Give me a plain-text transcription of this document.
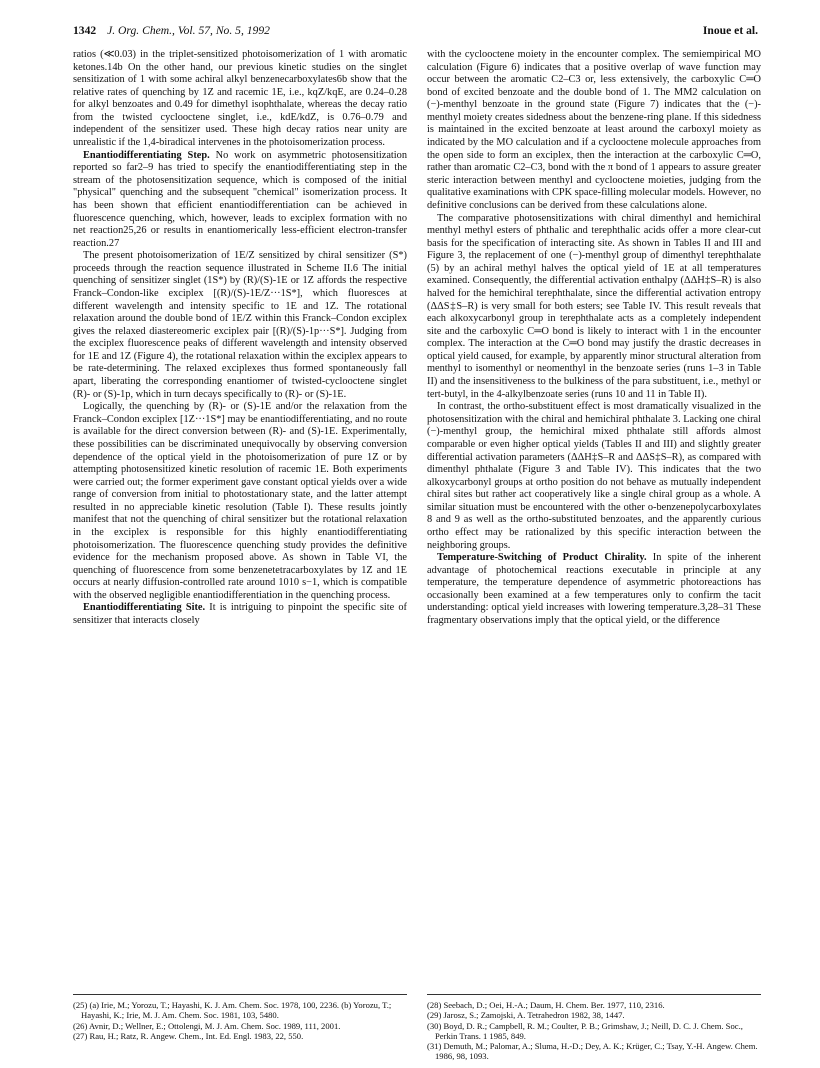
1342 J. Org. Chem., Vol. 57, No. 5, 1992	Inoue et al.

ratios (≪0.03) in the triplet-sensitized photoisomerization of 1 with aromatic ketones.14b On the other hand, our previous kinetic studies on the singlet sensitization of 1 with some achiral alkyl benzenecarboxylates6b show that the relative rates of quenching by 1Z and racemic 1E, i.e., kqZ/kqE, are 0.24–0.28 for alkyl benzoates and 0.49 for dimethyl isophthalate, whereas the decay ratio from the twisted cyclooctene singlet, i.e., kdE/kdZ, is 0.76–0.79 and independent of the sensitizer used. These high decay ratios near unity are unrealistic if the 1,4-biradical intervenes in the photoisomerization process.

Enantiodifferentiating Step. No work on asymmetric photosensitization reported so far2–9 has tried to specify the enantiodifferentiating step in the stream of the photosensitization sequence, which is composed of the initial "physical" quenching and the subsequent "chemical" isomerization process. It has been shown that efficient enantiodifferentiation can be achieved in fluorescence quenching, which, however, leads to exciplex formation with no net reaction25,26 or results in enantiomerically less-efficient electron-transfer reaction.27

The present photoisomerization of 1E/Z sensitized by chiral sensitizer (S*) proceeds through the reaction sequence illustrated in Scheme II.6 The initial quenching of sensitizer singlet (1S*) by (R)/(S)-1E or 1Z affords the respective Franck–Condon-like exciplex [(R)/(S)-1E/Z···1S*], which fluoresces at different wavelength and intensity specific to 1E and 1Z. The rotational relaxation around the double bond of 1E/Z within this Franck–Condon exciplex gives the relaxed diastereomeric exciplex pair [(R)/(S)-1p···S*]. Judging from the exciplex fluorescence peaks of different wavelength and intensity observed for 1E and 1Z (Figure 4), the rotational relaxation within the exciplex appears to be rate-determining. The relaxed exciplexes thus formed spontaneously fall apart, liberating the corresponding enantiomer of twisted-cyclooctene singlet (R)- or (S)-1p, which in turn decays specifically to (R)- or (S)-1E.

Logically, the quenching by (R)- or (S)-1E and/or the relaxation from the Franck–Condon exciplex [1Z···1S*] may be enantiodifferentiating, and no route is available for the direct conversion between (R)- and (S)-1E. Experimentally, these possibilities can be discriminated unequivocally by observing conversion dependence of the optical yield in the photoisomerization of pure 1Z or by attempting photosensitized kinetic resolution of racemic 1E. Both experiments were carried out; the former experiment gave constant optical yields over a wide range of conversion from initial to photostationary state, and the latter attempt resulted in no appreciable kinetic resolution (Table I). These results jointly manifest that not the quenching of chiral sensitizer but the rotational relaxation in the exciplex is responsible for this highly enantiodifferentiating photoisomerization. The fluorescence quenching study provides the definitive evidence for the mechanism proposed above. As shown in Table VI, the quenching of fluorescence from some benzenetetracarboxylates by 1Z and 1E occurs at nearly diffusion-controlled rate around 1010 s−1, which is compatible with the observed negligible enantiodifferentiation in the quenching process.

Enantiodifferentiating Site. It is intriguing to pinpoint the specific site of sensitizer that interacts closely

with the cyclooctene moiety in the encounter complex. The semiempirical MO calculation (Figure 6) indicates that a positive overlap of wave function may occur between the aromatic C2–C3 or, less extensively, the carboxylic C═O bond of excited benzoate and the double bond of 1. The MM2 calculation on (−)-menthyl benzoate in the ground state (Figure 7) indicates that the (−)-menthyl moiety creates sidedness about the benzene-ring plane. If this sidedness is maintained in the excited benzoate at least around the carboxyl moiety as indicated by the MO calculation and if a cyclooctene molecule approaches from the open side to form an exciplex, then the interaction at the carboxylic C═O, rather than aromatic C2–C3, bond with the π bond of 1 appears to assure greater steric interaction between menthyl and cyclooctene moieties, judging from the qualitative examinations with CPK space-filling molecular models. However, no definitive conclusions can be derived from these calculations alone.

The comparative photosensitizations with chiral dimenthyl and hemichiral menthyl methyl esters of phthalic and terephthalic acids offer a more clear-cut basis for the specification of interacting site. As shown in Tables II and III and Figure 3, the replacement of one (−)-menthyl group of dimenthyl terephthalate (5) by an achiral methyl halves the optical yield of 1E at all temperatures examined. Consequently, the differential activation enthalpy (ΔΔH‡S–R) is also halved for the hemichiral terephthalate, since the differential activation entropy (ΔΔS‡S–R) is very small for both esters; see Table IV. This result reveals that each alkoxycarbonyl group in terephthalate acts as a completely independent site and the carboxylic C═O bond is likely to interact with 1 in the encounter complex. The interaction at the C═O bond may justify the drastic decreases in optical yield caused, for example, by apparently minor structural alteration from menthyl to isomenthyl or neomenthyl in the benzoate series (runs 1–3 in Table II) and the insensitiveness to the bulkiness of the para substituent, i.e., methyl or tert-butyl, in the 4-alkylbenzoate series (runs 10 and 11 in Table II).

In contrast, the ortho-substituent effect is most dramatically visualized in the photosensitization with the chiral and hemichiral phthalate 3. Lacking one chiral (−)-menthyl group, the hemichiral mixed phthalate still affords almost comparable or even higher optical yields (Tables II and III) and slightly greater differential activation parameters (ΔΔH‡S–R and ΔΔS‡S–R), as compared with dimenthyl phthalate (Figure 3 and Table IV). This indicates that the two alkoxycarbonyl groups at ortho position do not behave as mutually independent chiral sites but rather act cooperatively like a single chiral group as a whole. A similar situation must be encountered with the other o-benzenepolycarboxylates 8 and 9 as well as the ortho-substituted benzoates, and the apparently curious ortho effect may be rationalized by this specific interaction between the neighboring groups.

Temperature-Switching of Product Chirality. In spite of the inherent advantage of photochemical reactions executable in principle at any temperature, the temperature dependence of asymmetric photoreactions has occasionally been examined at a few temperatures only to confirm the tacit understanding: optical yield increases with lowering temperature.3,28–31 These fragmentary observations imply that the optical yield, or the difference

(25) (a) Irie, M.; Yorozu, T.; Hayashi, K. J. Am. Chem. Soc. 1978, 100, 2236. (b) Yorozu, T.; Hayashi, K.; Irie, M. J. Am. Chem. Soc. 1981, 103, 5480.
(26) Avnir, D.; Wellner, E.; Ottolengi, M. J. Am. Chem. Soc. 1989, 111, 2001.
(27) Rau, H.; Ratz, R. Angew. Chem., Int. Ed. Engl. 1983, 22, 550.
(28) Seebach, D.; Oei, H.-A.; Daum, H. Chem. Ber. 1977, 110, 2316.
(29) Jarosz, S.; Zamojski, A. Tetrahedron 1982, 38, 1447.
(30) Boyd, D. R.; Campbell, R. M.; Coulter, P. B.; Grimshaw, J.; Neill, D. C. J. Chem. Soc., Perkin Trans. 1 1985, 849.
(31) Demuth, M.; Palomar, A.; Sluma, H.-D.; Dey, A. K.; Krüger, C.; Tsay, Y.-H. Angew. Chem. 1986, 98, 1093.
